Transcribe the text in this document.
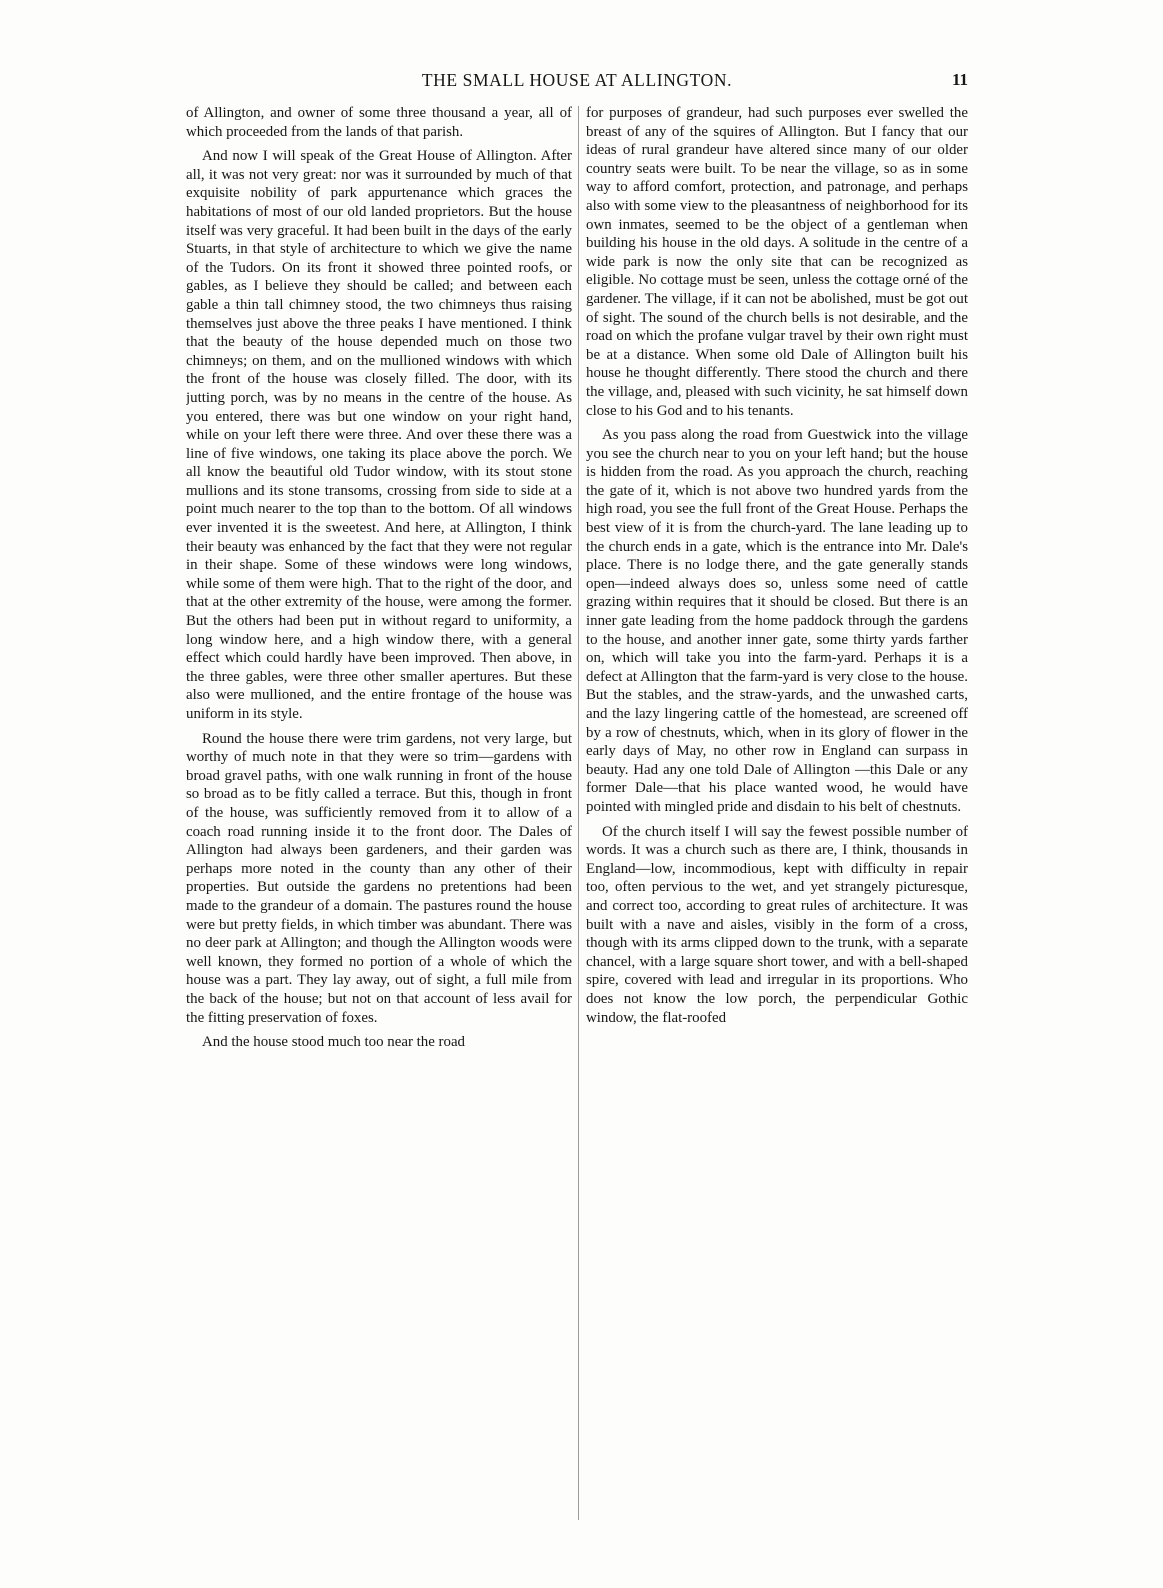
THE SMALL HOUSE AT ALLINGTON.	11

of Allington, and owner of some three thousand a year, all of which proceeded from the lands of that parish.

And now I will speak of the Great House of Allington. After all, it was not very great: nor was it surrounded by much of that exquisite nobility of park appurtenance which graces the habitations of most of our old landed proprietors. But the house itself was very graceful. It had been built in the days of the early Stuarts, in that style of architecture to which we give the name of the Tudors. On its front it showed three pointed roofs, or gables, as I believe they should be called; and between each gable a thin tall chimney stood, the two chimneys thus raising themselves just above the three peaks I have mentioned. I think that the beauty of the house depended much on those two chimneys; on them, and on the mullioned windows with which the front of the house was closely filled. The door, with its jutting porch, was by no means in the centre of the house. As you entered, there was but one window on your right hand, while on your left there were three. And over these there was a line of five windows, one taking its place above the porch. We all know the beautiful old Tudor window, with its stout stone mullions and its stone transoms, crossing from side to side at a point much nearer to the top than to the bottom. Of all windows ever invented it is the sweetest. And here, at Allington, I think their beauty was enhanced by the fact that they were not regular in their shape. Some of these windows were long windows, while some of them were high. That to the right of the door, and that at the other extremity of the house, were among the former. But the others had been put in without regard to uniformity, a long window here, and a high window there, with a general effect which could hardly have been improved. Then above, in the three gables, were three other smaller apertures. But these also were mullioned, and the entire frontage of the house was uniform in its style.

Round the house there were trim gardens, not very large, but worthy of much note in that they were so trim—gardens with broad gravel paths, with one walk running in front of the house so broad as to be fitly called a terrace. But this, though in front of the house, was sufficiently removed from it to allow of a coach road running inside it to the front door. The Dales of Allington had always been gardeners, and their garden was perhaps more noted in the county than any other of their properties. But outside the gardens no pretentions had been made to the grandeur of a domain. The pastures round the house were but pretty fields, in which timber was abundant. There was no deer park at Allington; and though the Allington woods were well known, they formed no portion of a whole of which the house was a part. They lay away, out of sight, a full mile from the back of the house; but not on that account of less avail for the fitting preservation of foxes.

And the house stood much too near the road

for purposes of grandeur, had such purposes ever swelled the breast of any of the squires of Allington. But I fancy that our ideas of rural grandeur have altered since many of our older country seats were built. To be near the village, so as in some way to afford comfort, protection, and patronage, and perhaps also with some view to the pleasantness of neighborhood for its own inmates, seemed to be the object of a gentleman when building his house in the old days. A solitude in the centre of a wide park is now the only site that can be recognized as eligible. No cottage must be seen, unless the cottage orné of the gardener. The village, if it can not be abolished, must be got out of sight. The sound of the church bells is not desirable, and the road on which the profane vulgar travel by their own right must be at a distance. When some old Dale of Allington built his house he thought differently. There stood the church and there the village, and, pleased with such vicinity, he sat himself down close to his God and to his tenants.

As you pass along the road from Guestwick into the village you see the church near to you on your left hand; but the house is hidden from the road. As you approach the church, reaching the gate of it, which is not above two hundred yards from the high road, you see the full front of the Great House. Perhaps the best view of it is from the church-yard. The lane leading up to the church ends in a gate, which is the entrance into Mr. Dale's place. There is no lodge there, and the gate generally stands open—indeed always does so, unless some need of cattle grazing within requires that it should be closed. But there is an inner gate leading from the home paddock through the gardens to the house, and another inner gate, some thirty yards farther on, which will take you into the farm-yard. Perhaps it is a defect at Allington that the farm-yard is very close to the house. But the stables, and the straw-yards, and the unwashed carts, and the lazy lingering cattle of the homestead, are screened off by a row of chestnuts, which, when in its glory of flower in the early days of May, no other row in England can surpass in beauty. Had any one told Dale of Allington —this Dale or any former Dale—that his place wanted wood, he would have pointed with mingled pride and disdain to his belt of chestnuts.

Of the church itself I will say the fewest possible number of words. It was a church such as there are, I think, thousands in England—low, incommodious, kept with difficulty in repair too, often pervious to the wet, and yet strangely picturesque, and correct too, according to great rules of architecture. It was built with a nave and aisles, visibly in the form of a cross, though with its arms clipped down to the trunk, with a separate chancel, with a large square short tower, and with a bell-shaped spire, covered with lead and irregular in its proportions. Who does not know the low porch, the perpendicular Gothic window, the flat-roofed
